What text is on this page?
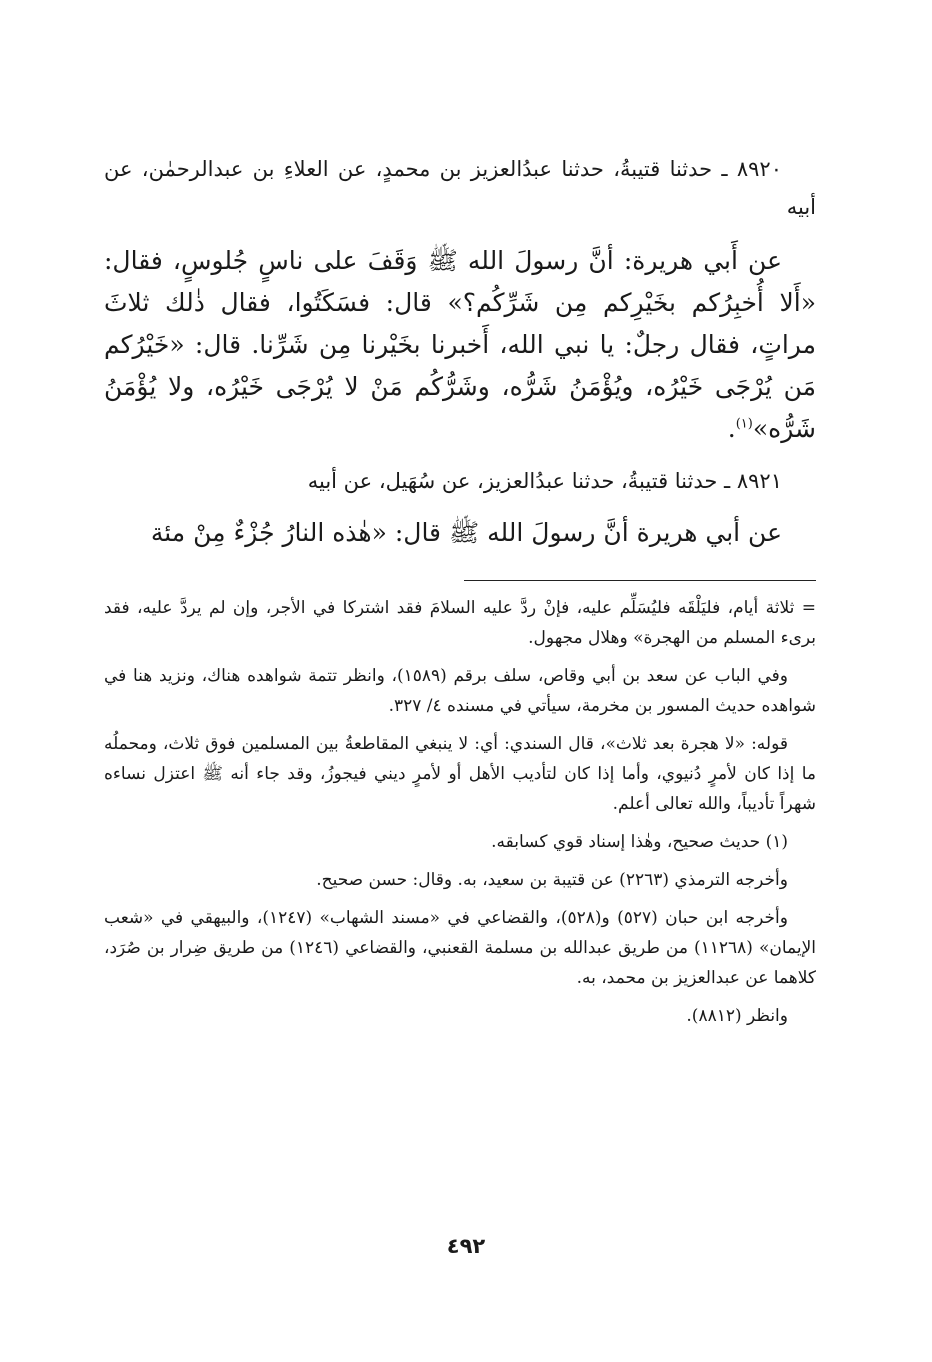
٨٩٢٠ ـ حدثنا قتيبةُ، حدثنا عبدُالعزيز بن محمدٍ، عن العلاءِ بن عبدالرحمٰن، عن أبيه

عن أَبي هريرة: أنَّ رسولَ الله ﷺ وَقَفَ على ناسٍ جُلوسٍ، فقال: «أَلا أُخبِرُكم بخَيْرِكم مِن شَرِّكُم؟» قال: فسَكَتُوا، فقال ذٰلك ثلاثَ مراتٍ، فقال رجلٌ: يا نبي الله، أَخبرنا بخَيْرنا مِن شَرِّنا. قال: «خَيْرُكم مَن يُرْجَى خَيْرُه، ويُؤْمَنُ شَرُّه، وشَرُّكُم مَنْ لا يُرْجَى خَيْرُه، ولا يُؤْمَنُ شَرُّه»$^{(١)}$.

٨٩٢١ ـ حدثنا قتيبةُ، حدثنا عبدُالعزيز، عن سُهَيل، عن أبيه

عن أبي هريرة أنَّ رسولَ الله ﷺ قال: «هٰذه النارُ جُزْءٌ مِنْ مئة

= ثلاثة أيام، فليَلْقَه فليُسَلِّم عليه، فإنْ ردَّ عليه السلامَ فقد اشتركا في الأجر، وإن لم يردَّ عليه، فقد برىء المسلم من الهجرة» وهلال مجهول.

وفي الباب عن سعد بن أبي وقاص، سلف برقم (١٥٨٩)، وانظر تتمة شواهده هناك، ونزيد هنا في شواهده حديث المسور بن مخرمة، سيأتي في مسنده ٤/ ٣٢٧.

قوله: «لا هجرة بعد ثلاث»، قال السندي: أي: لا ينبغي المقاطعةُ بين المسلمين فوق ثلاث، ومحملُه ما إذا كان لأمرٍ دُنيوي، وأما إذا كان لتأديب الأهل أو لأمرٍ ديني فيجوزُ، وقد جاء أنه ﷺ اعتزل نساءه شهراً تأديباً، والله تعالى أعلم.

(١) حديث صحيح، وهٰذا إسناد قوي كسابقه.

وأخرجه الترمذي (٢٢٦٣) عن قتيبة بن سعيد، به. وقال: حسن صحيح.

وأخرجه ابن حبان (٥٢٧) و(٥٢٨)، والقضاعي في «مسند الشهاب» (١٢٤٧)، والبيهقي في «شعب الإيمان» (١١٢٦٨) من طريق عبدالله بن مسلمة القعنبي، والقضاعي (١٢٤٦) من طريق ضِرار بن صُرَد، كلاهما عن عبدالعزيز بن محمد، به.

وانظر (٨٨١٢).

٤٩٢
